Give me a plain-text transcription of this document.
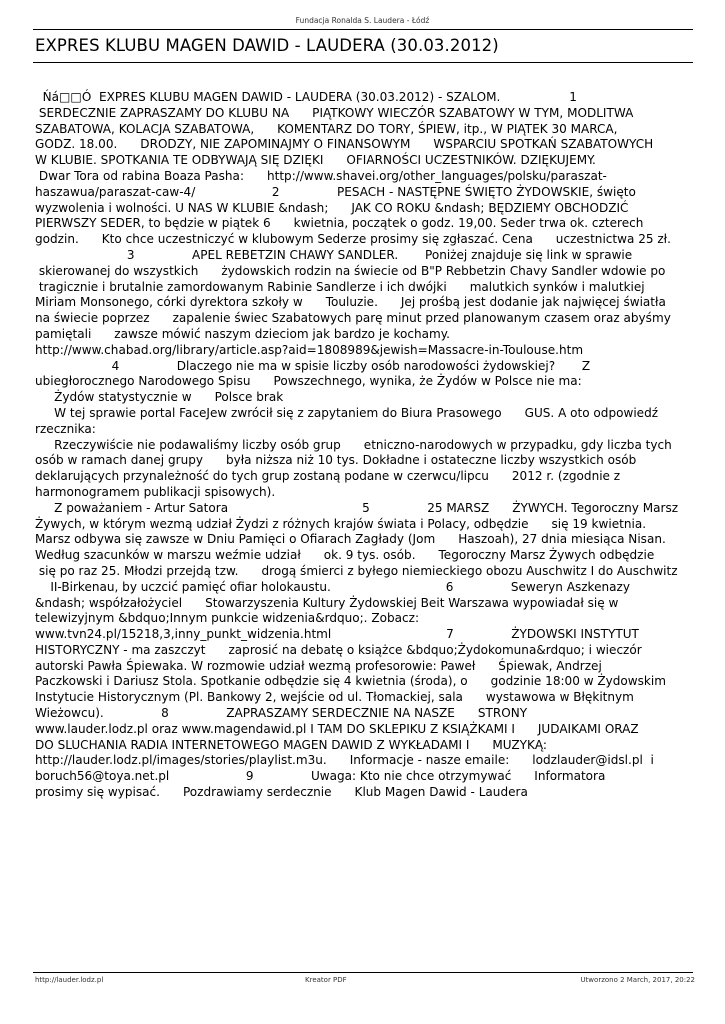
Fundacja Ronalda S. Laudera - Łódź
EXPRES KLUBU MAGEN DAWID - LAUDERA (30.03.2012)
Ńá□□Ó  EXPRES KLUBU MAGEN DAWID - LAUDERA (30.03.2012) - SZALOM.                  1
SERDECZNIE ZAPRASZAMY DO KLUBU NA      PIĄTKOWY WIECZÓR SZABATOWY W TYM, MODLITWA
SZABATOWA, KOLACJA SZABATOWA,      KOMENTARZ DO TORY, ŚPIEW, itp., W PIĄTEK 30 MARCA,
GODZ. 18.00.      DRODZY, NIE ZAPOMINAJMY O FINANSOWYM      WSPARCIU SPOTKAŃ SZABATOWYCH
W KLUBIE. SPOTKANIA TE ODBYWAJĄ SIĘ DZIĘKI      OFIARNOŚCI UCZESTNIKÓW. DZIĘKUJEMY.
Dwar Tora od rabina Boaza Pasha:      http://www.shavei.org/other_languages/polsku/paraszat-
haszawua/paraszat-caw-4/                    2               PESACH - NASTĘPNE ŚWIĘTO ŻYDOWSKIE, święto
wyzwolenia i wolności. U NAS W KLUBIE &ndash;      JAK CO ROKU &ndash; BĘDZIEMY OBCHODZIĆ
PIERWSZY SEDER, to będzie w piątek 6      kwietnia, początek o godz. 19,00. Seder trwa ok. czterech
godzin.      Kto chce uczestniczyć w klubowym Sederze prosimy się zgłaszać. Cena      uczestnictwa 25 zł.
3               APEL REBETZIN CHAWY SANDLER.       Poniżej znajduje się link w sprawie
skierowanej do wszystkich      żydowskich rodzin na świecie od B"P Rebbetzin Chavy Sandler wdowie po
tragicznie i brutalnie zamordowanym Rabinie Sandlerze i ich dwójki      malutkich synków i malutkiej
Miriam Monsonego, córki dyrektora szkoły w      Touluzie.      Jej prośbą jest dodanie jak najwięcej światła
na świecie poprzez      zapalenie świec Szabatowych parę minut przed planowanym czasem oraz abyśmy
pamiętali      zawsze mówić naszym dzieciom jak bardzo je kochamy.
http://www.chabad.org/library/article.asp?aid=1808989&jewish=Massacre-in-Toulouse.htm
4               Dlaczego nie ma w spisie liczby osób narodowości żydowskiej?       Z
ubiegłorocznego Narodowego Spisu      Powszechnego, wynika, że Żydów w Polsce nie ma:
Żydów statystycznie w      Polsce brak
W tej sprawie portal FaceJew zwrócił się z zapytaniem do Biura Prasowego      GUS. A oto odpowiedź
rzecznika:
Rzeczywiście nie podawaliśmy liczby osób grup      etniczno-narodowych w przypadku, gdy liczba tych
osób w ramach danej grupy      była niższa niż 10 tys. Dokładne i ostateczne liczby wszystkich osób
deklarujących przynależność do tych grup zostaną podane w czerwcu/lipcu      2012 r. (zgodnie z
harmonogramem publikacji spisowych).
Z poważaniem - Artur Satora                                   5               25 MARSZ      ŻYWYCH. Tegoroczny Marsz
Żywych, w którym wezmą udział Żydzi z różnych krajów świata i Polacy, odbędzie      się 19 kwietnia.
Marsz odbywa się zawsze w Dniu Pamięci o Ofiarach Zagłady (Jom      Haszoah), 27 dnia miesiąca Nisan.
Według szacunków w marszu weźmie udział      ok. 9 tys. osób.      Tegoroczny Marsz Żywych odbędzie
się po raz 25. Młodzi przejdą tzw.      drogą śmierci z byłego niemieckiego obozu Auschwitz I do Auschwitz
II-Birkenau, by uczcić pamięć ofiar holokaustu.                              6               Seweryn Aszkenazy
&ndash; współzałożyciel      Stowarzyszenia Kultury Żydowskiej Beit Warszawa wypowiadał się w
telewizyjnym &bdquo;Innym punkcie widzenia&rdquo;. Zobacz:
www.tvn24.pl/15218,3,inny_punkt_widzenia.html                              7               ŻYDOWSKI INSTYTUT
HISTORYCZNY - ma zaszczyt      zaprosić na debatę o książce &bdquo;Żydokomuna&rdquo; i wieczór
autorski Pawła Śpiewaka. W rozmowie udział wezmą profesorowie: Paweł      Śpiewak, Andrzej
Paczkowski i Dariusz Stola. Spotkanie odbędzie się 4 kwietnia (środa), o      godzinie 18:00 w Żydowskim
Instytucie Historycznym (Pl. Bankowy 2, wejście od ul. Tłomackiej, sala      wystawowa w Błękitnym
Wieżowcu).               8               ZAPRASZAMY SERDECZNIE NA NASZE      STRONY
www.lauder.lodz.pl oraz www.magendawid.pl I TAM DO SKLEPIKU Z KSIĄŻKAMI I      JUDAIKAMI ORAZ
DO SLUCHANIA RADIA INTERNETOWEGO MAGEN DAWID Z WYKŁADAMI I      MUZYKĄ:
http://lauder.lodz.pl/images/stories/playlist.m3u.      Informacje - nasze emaile:      lodzlauder@idsl.pl  i
boruch56@toya.net.pl                    9               Uwaga: Kto nie chce otrzymywać      Informatora
prosimy się wypisać.      Pozdrawiamy serdecznie      Klub Magen Dawid - Laudera
http://lauder.lodz.pl	Kreator PDF	Utworzono 2 March, 2017, 20:22
